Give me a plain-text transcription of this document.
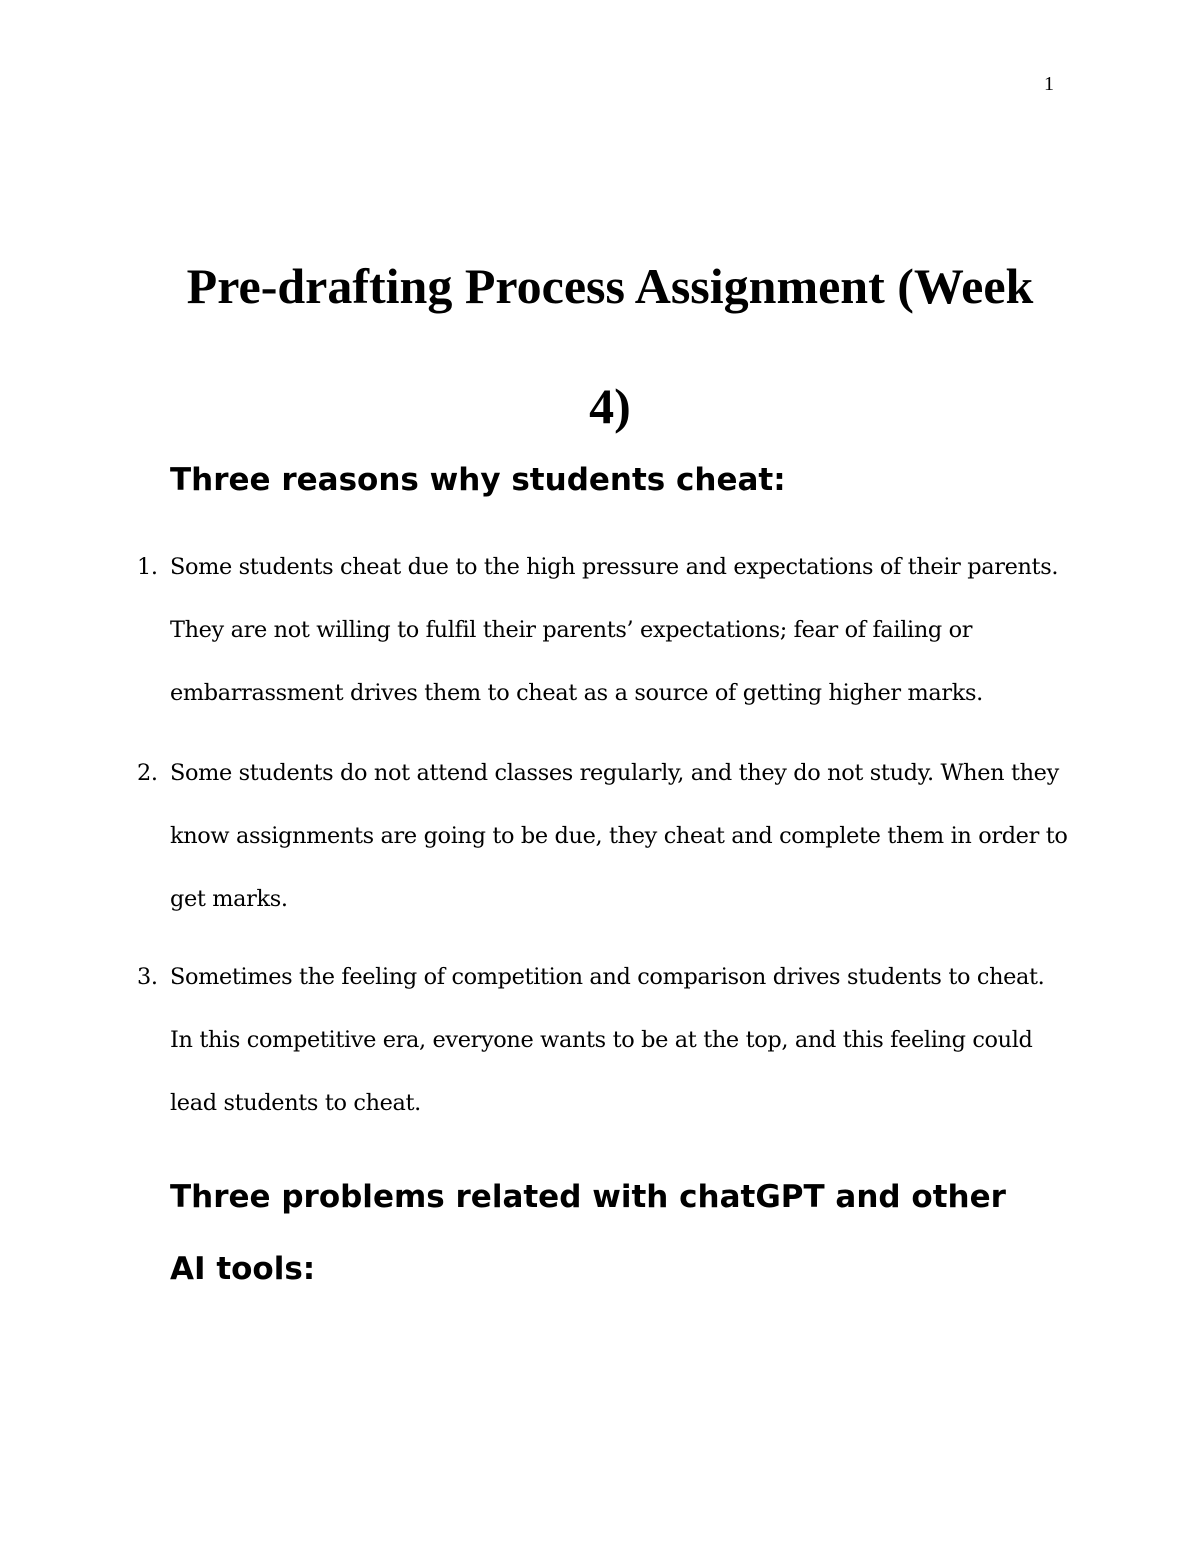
1
Pre-drafting Process Assignment (Week
4)
Three reasons why students cheat:
1. Some students cheat due to the high pressure and expectations of their parents.
They are not willing to fulfil their parents’ expectations; fear of failing or
embarrassment drives them to cheat as a source of getting higher marks.
2. Some students do not attend classes regularly, and they do not study. When they
know assignments are going to be due, they cheat and complete them in order to
get marks.
3. Sometimes the feeling of competition and comparison drives students to cheat.
In this competitive era, everyone wants to be at the top, and this feeling could
lead students to cheat.
Three problems related with chatGPT and other
AI tools:
